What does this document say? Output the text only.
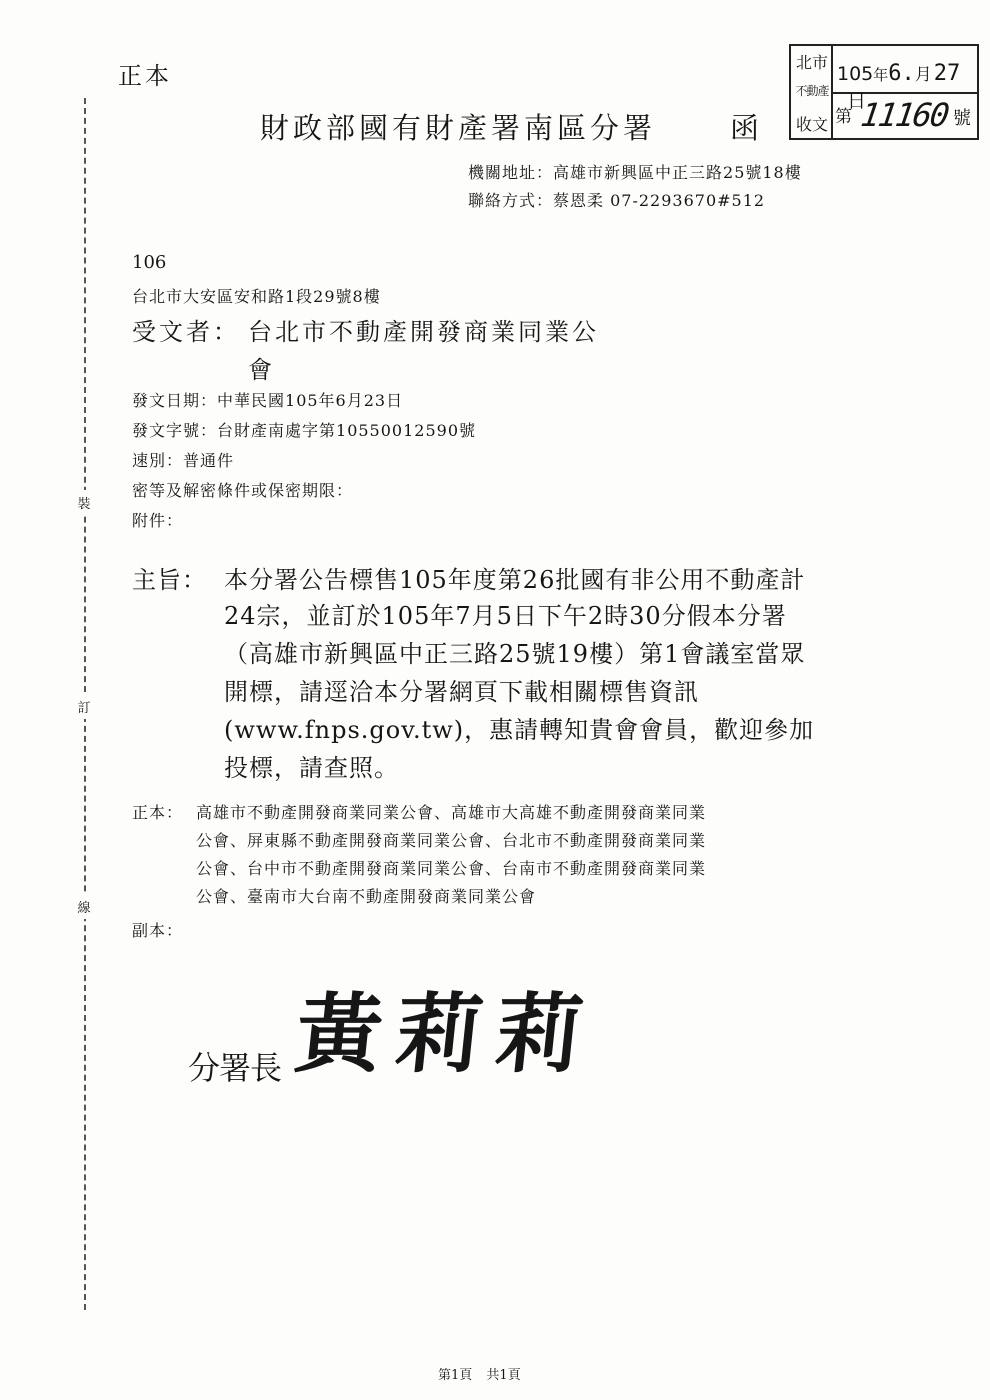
正本
裝
訂
線
北市
不動產
收文
105年6.月27日
第 11160 號
財政部國有財產署南區分署	函
機關地址：高雄市新興區中正三路25號18樓
聯絡方式：蔡恩柔 07-2293670#512
106
台北市大安區安和路1段29號8樓
受文者： 台北市不動產開發商業同業公
會
發文日期：中華民國105年6月23日
發文字號：台財產南處字第10550012590號
速別：普通件
密等及解密條件或保密期限：
附件：
主旨： 本分署公告標售105年度第26批國有非公用不動產計
24宗，並訂於105年7月5日下午2時30分假本分署
（高雄市新興區中正三路25號19樓）第1會議室當眾
開標，請逕洽本分署網頁下載相關標售資訊
(www.fnps.gov.tw)，惠請轉知貴會會員，歡迎參加
投標，請查照。
正本： 高雄市不動產開發商業同業公會、高雄市大高雄不動產開發商業同業
公會、屏東縣不動產開發商業同業公會、台北市不動產開發商業同業
公會、台中市不動產開發商業同業公會、台南市不動產開發商業同業
公會、臺南市大台南不動產開發商業同業公會
副本：
分署長 黃莉莉
第1頁 共1頁
